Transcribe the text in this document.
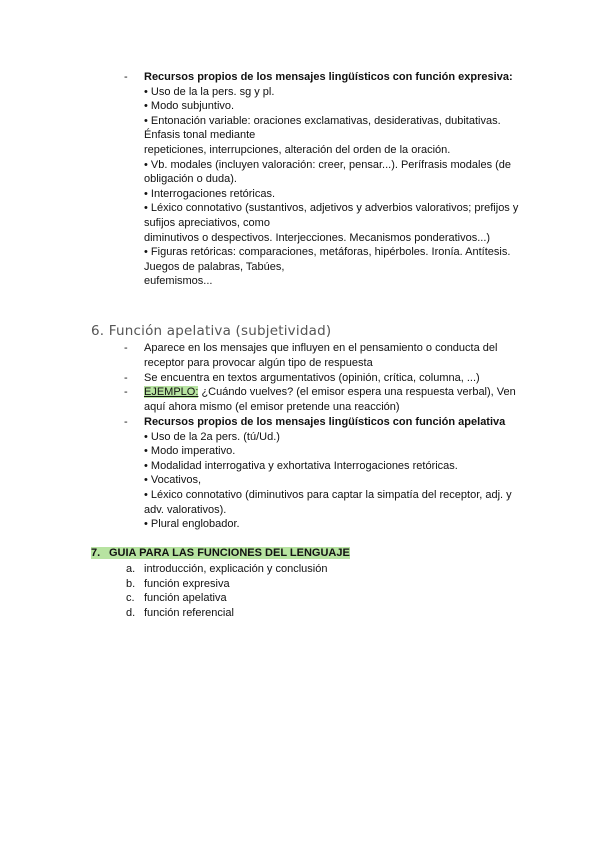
-	Recursos propios de los mensajes lingüísticos con función expresiva:
• Uso de la la pers. sg y pl.
• Modo subjuntivo.
• Entonación variable: oraciones exclamativas, desiderativas, dubitativas. Énfasis tonal mediante
repeticiones, interrupciones, alteración del orden de la oración.
• Vb. modales (incluyen valoración: creer, pensar...). Perífrasis modales (de obligación o duda).
• Interrogaciones retóricas.
• Léxico connotativo (sustantivos, adjetivos y adverbios valorativos; prefijos y sufijos apreciativos, como
diminutivos o despectivos. Interjecciones. Mecanismos ponderativos...)
• Figuras retóricas: comparaciones, metáforas, hipérboles. Ironía. Antítesis. Juegos de palabras, Tabúes,
eufemismos...
6. Función apelativa (subjetividad)
-	Aparece en los mensajes que influyen en el pensamiento o conducta del receptor para provocar algún tipo de respuesta
-	Se encuentra en textos argumentativos (opinión, crítica, columna, ...)
-	EJEMPLO: ¿Cuándo vuelves? (el emisor espera una respuesta verbal), Ven aquí ahora mismo (el emisor pretende una reacción)
-	Recursos propios de los mensajes lingüísticos con función apelativa
• Uso de la 2a pers. (tú/Ud.)
• Modo imperativo.
• Modalidad interrogativa y exhortativa Interrogaciones retóricas.
• Vocativos,
• Léxico connotativo (diminutivos para captar la simpatía del receptor, adj. y adv. valorativos).
• Plural englobador.
7. GUIA PARA LAS FUNCIONES DEL LENGUAJE
a. introducción, explicación y conclusión
b. función expresiva
c. función apelativa
d. función referencial
